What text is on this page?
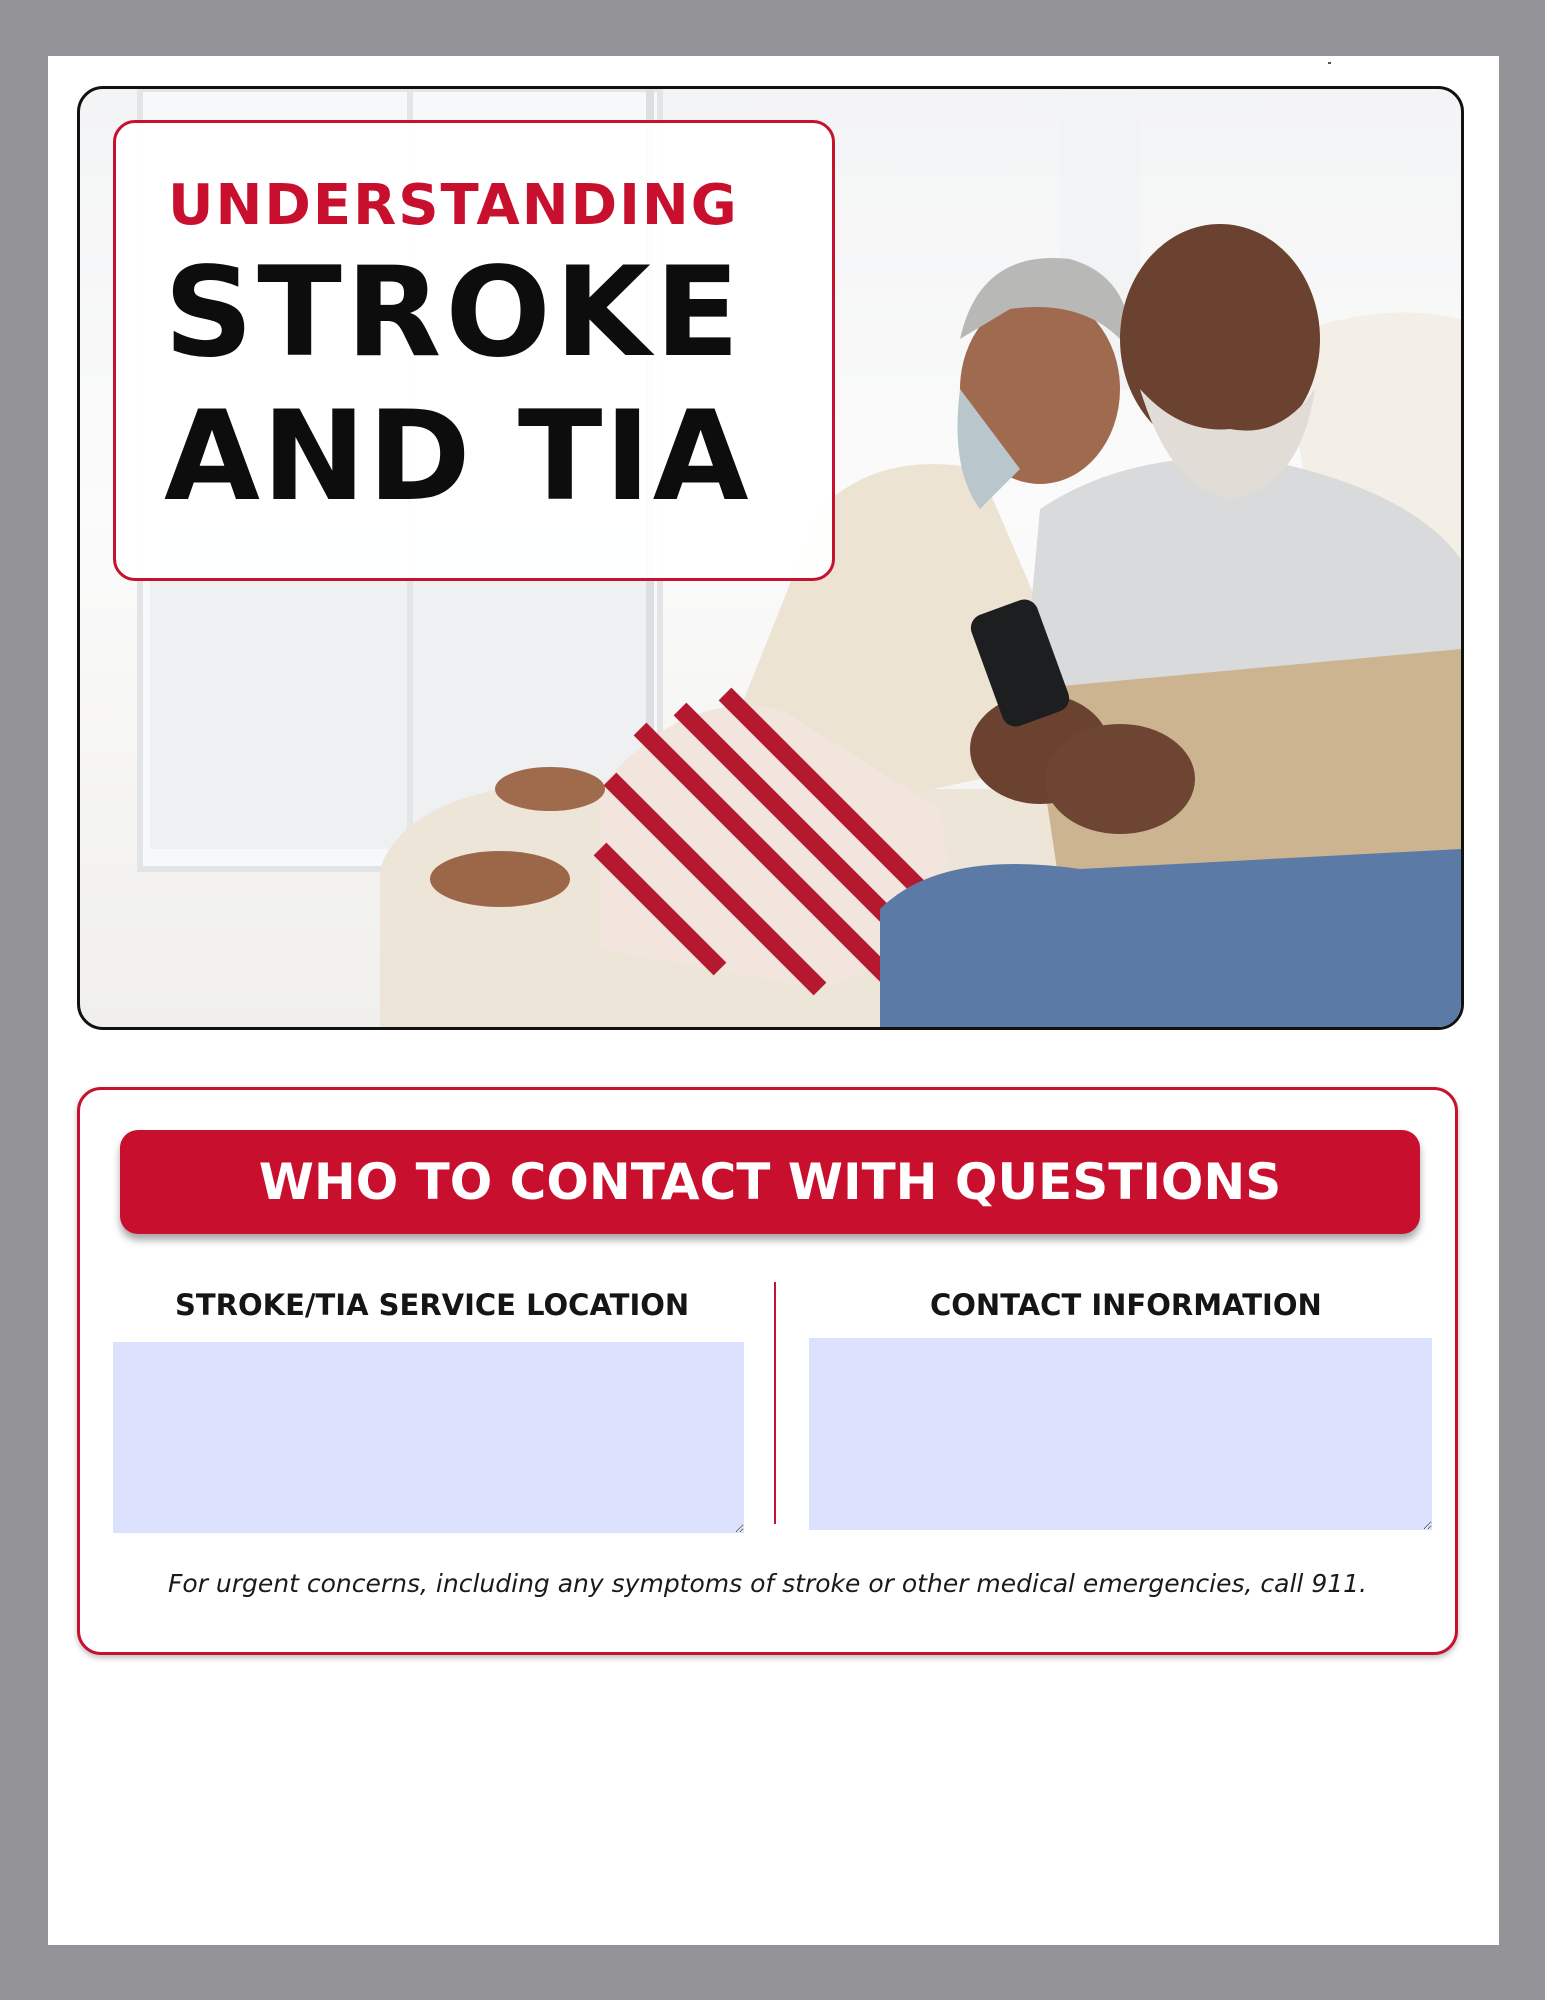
UNDERSTANDING
STROKE
AND TIA
WHO TO CONTACT WITH QUESTIONS
STROKE/TIA SERVICE LOCATION	CONTACT INFORMATION
For urgent concerns, including any symptoms of stroke or other medical emergencies, call 911.
